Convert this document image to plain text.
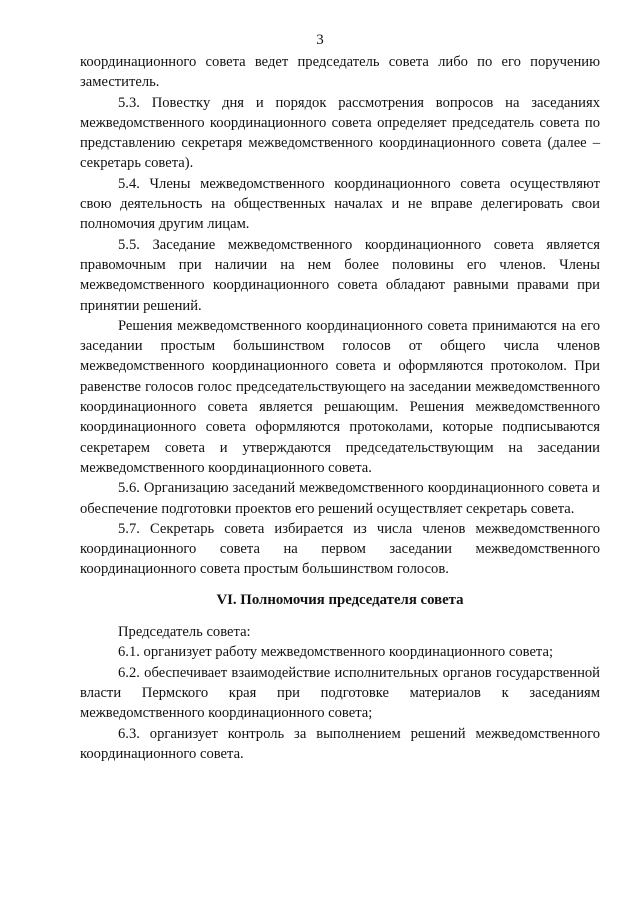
3

координационного совета ведет председатель совета либо по его поручению заместитель.

5.3. Повестку дня и порядок рассмотрения вопросов на заседаниях межведомственного координационного совета определяет председатель совета по представлению секретаря межведомственного координационного совета (далее – секретарь совета).

5.4. Члены межведомственного координационного совета осуществляют свою деятельность на общественных началах и не вправе делегировать свои полномочия другим лицам.

5.5. Заседание межведомственного координационного совета является правомочным при наличии на нем более половины его членов. Члены межведомственного координационного совета обладают равными правами при принятии решений.

Решения межведомственного координационного совета принимаются на его заседании простым большинством голосов от общего числа членов межведомственного координационного совета и оформляются протоколом. При равенстве голосов голос председательствующего на заседании межведомственного координационного совета является решающим. Решения межведомственного координационного совета оформляются протоколами, которые подписываются секретарем совета и утверждаются председательствующим на заседании межведомственного координационного совета.

5.6. Организацию заседаний межведомственного координационного совета и обеспечение подготовки проектов его решений осуществляет секретарь совета.

5.7. Секретарь совета избирается из числа членов межведомственного координационного совета на первом заседании межведомственного координационного совета простым большинством голосов.

VI. Полномочия председателя совета

Председатель совета:

6.1. организует работу межведомственного координационного совета;

6.2. обеспечивает взаимодействие исполнительных органов государственной власти Пермского края при подготовке материалов к заседаниям межведомственного координационного совета;

6.3. организует контроль за выполнением решений межведомственного координационного совета.
